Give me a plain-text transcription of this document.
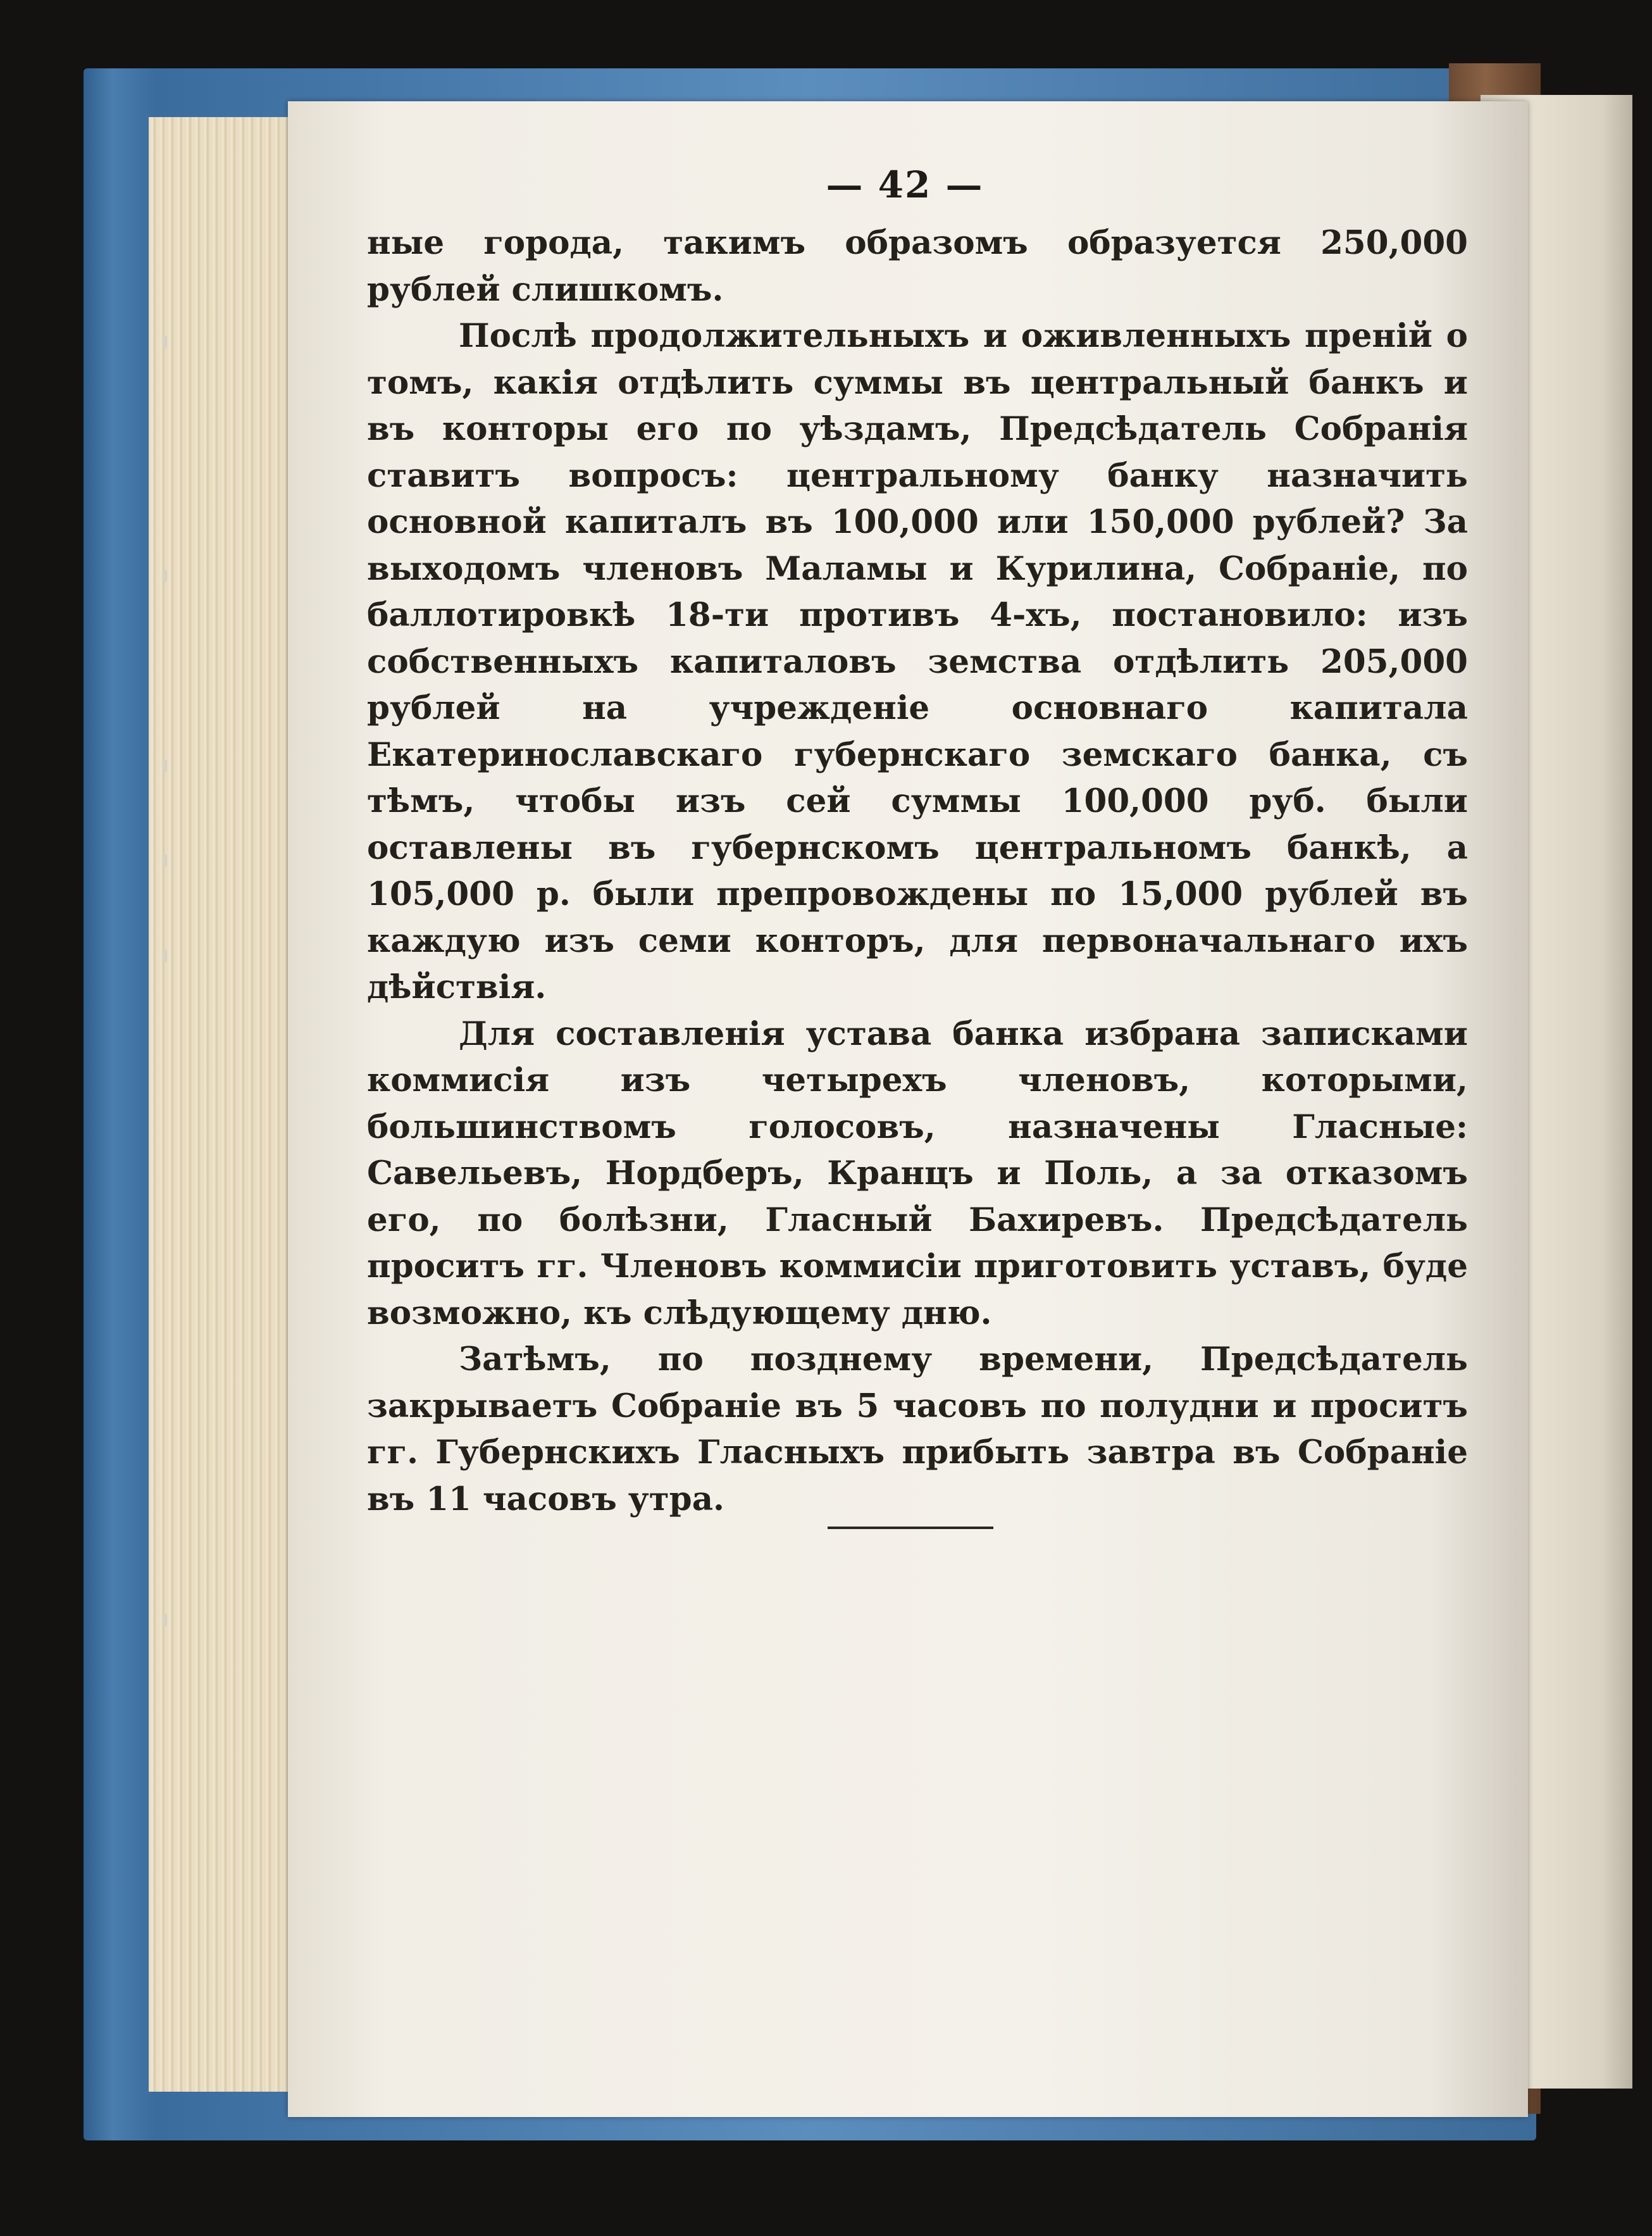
— 42 —

ные города, такимъ образомъ образуется 250,000 рублей слишкомъ.

Послѣ продолжительныхъ и оживленныхъ преній о томъ, какія отдѣлить суммы въ центральный банкъ и въ конторы его по уѣздамъ, Предсѣдатель Собранія ставитъ вопросъ: центральному банку назначить основной капиталъ въ 100,000 или 150,000 рублей? За выходомъ членовъ Маламы и Курилина, Собраніе, по баллотировкѣ 18-ти противъ 4-хъ, постановило: изъ собственныхъ капиталовъ земства отдѣлить 205,000 рублей на учрежденіе основнаго капитала Екатеринославскаго губернскаго земскаго банка, съ тѣмъ, чтобы изъ сей суммы 100,000 руб. были оставлены въ губернскомъ центральномъ банкѣ, а 105,000 р. были препровождены по 15,000 рублей въ каждую изъ семи конторъ, для первоначальнаго ихъ дѣйствія.

Для составленія устава банка избрана записками коммисія изъ четырехъ членовъ, которыми, большинствомъ голосовъ, назначены Гласные: Савельевъ, Нордберъ, Кранцъ и Поль, а за отказомъ его, по болѣзни, Гласный Бахиревъ. Предсѣдатель проситъ гг. Членовъ коммисіи приготовить уставъ, буде возможно, къ слѣдующему дню.

Затѣмъ, по позднему времени, Предсѣдатель закрываетъ Собраніе въ 5 часовъ по полудни и проситъ гг. Губернскихъ Гласныхъ прибыть завтра въ Собраніе въ 11 часовъ утра.
